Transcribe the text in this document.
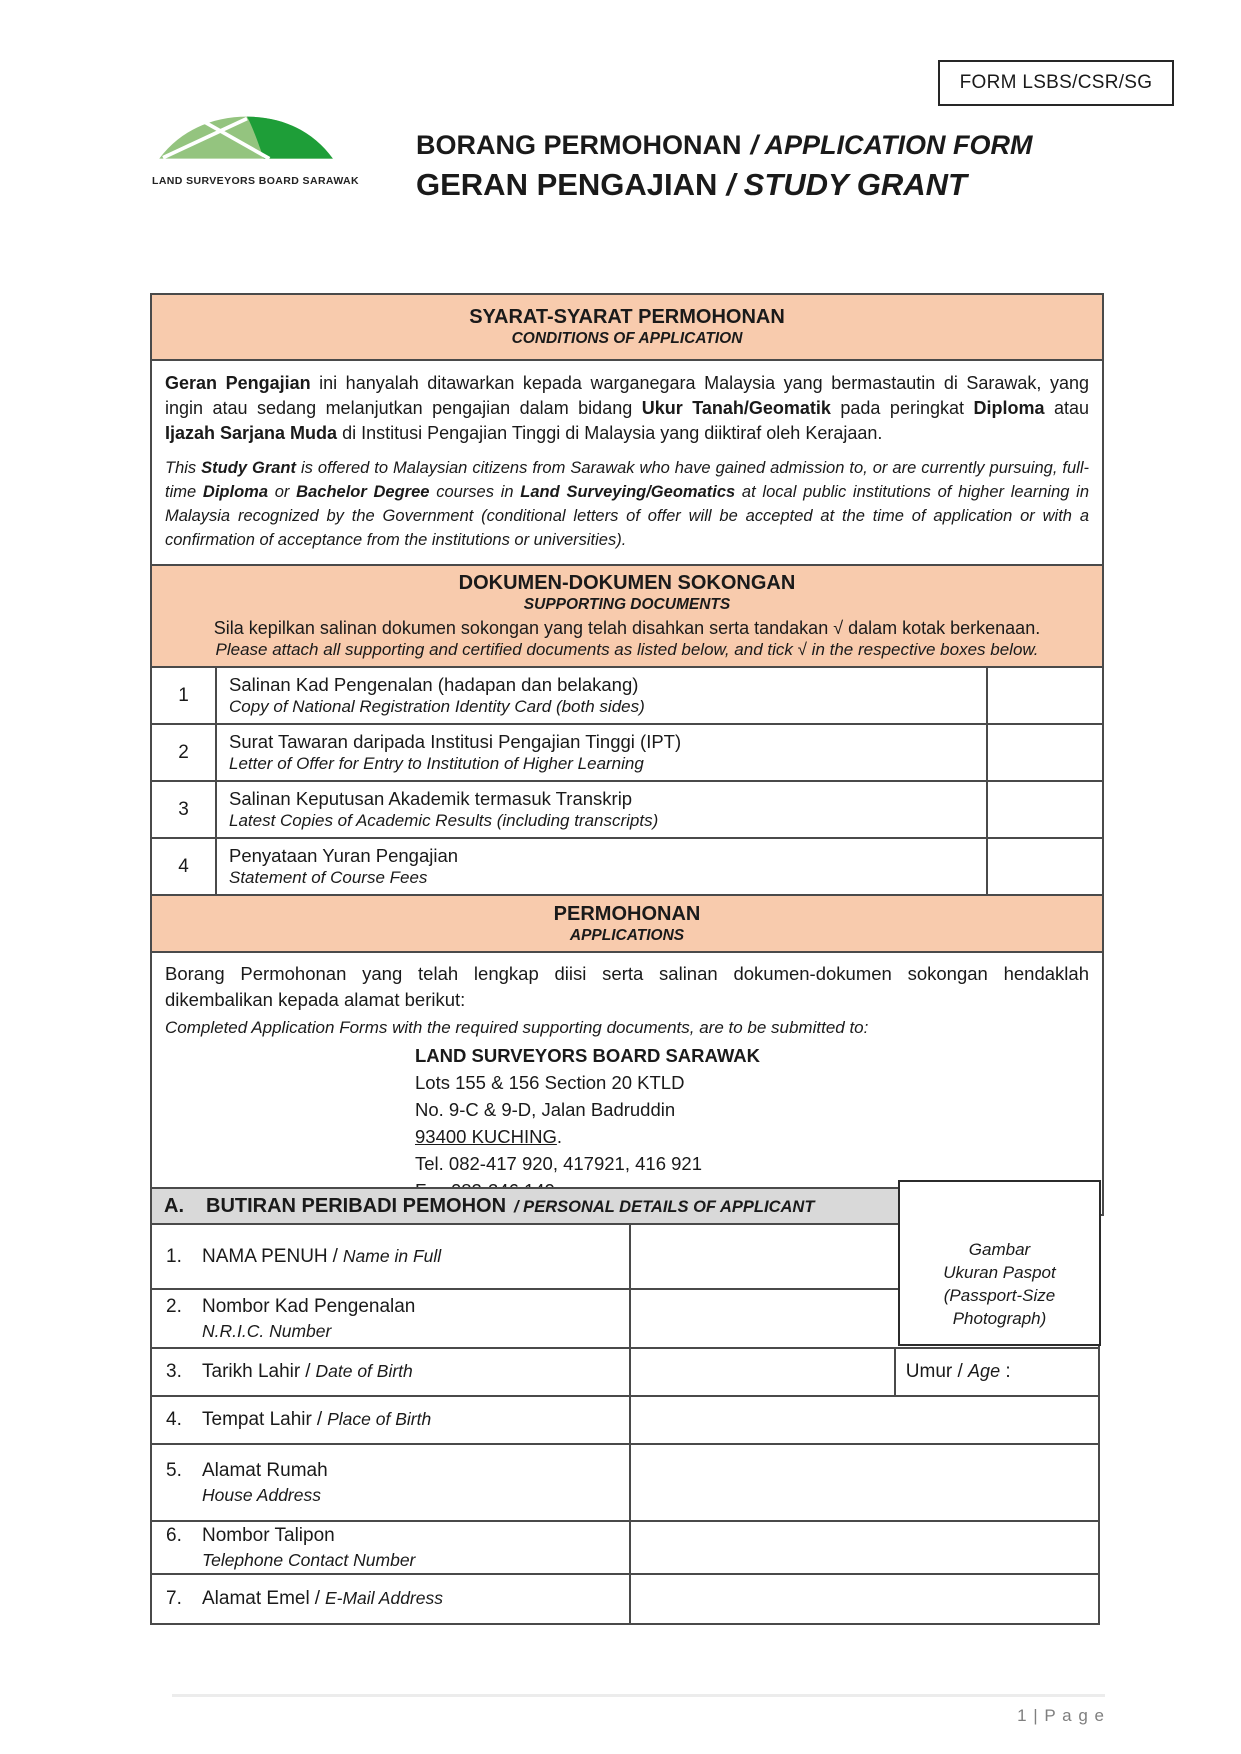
FORM LSBS/CSR/SG
LAND SURVEYORS BOARD SARAWAK
BORANG PERMOHONAN / APPLICATION FORM
GERAN PENGAJIAN / STUDY GRANT
SYARAT-SYARAT PERMOHONAN
CONDITIONS OF APPLICATION		

Geran Pengajian ini hanyalah ditawarkan kepada warganegara Malaysia yang bermastautin di Sarawak, yang ingin atau sedang melanjutkan pengajian dalam bidang Ukur Tanah/Geomatik pada peringkat Diploma atau Ijazah Sarjana Muda di Institusi Pengajian Tinggi di Malaysia yang diiktiraf oleh Kerajaan.

This Study Grant is offered to Malaysian citizens from Sarawak who have gained admission to, or are currently pursuing, full-time Diploma or Bachelor Degree courses in Land Surveying/Geomatics at local public institutions of higher learning in Malaysia recognized by the Government (conditional letters of offer will be accepted at the time of application or with a confirmation of acceptance from the institutions or universities).		

DOKUMEN-DOKUMEN SOKONGAN
SUPPORTING DOCUMENTS
Sila kepilkan salinan dokumen sokongan yang telah disahkan serta tandakan √ dalam kotak berkenaan.
Please attach all supporting and certified documents as listed below, and tick √ in the respective boxes below.		

1	Salinan Kad Pengenalan (hadapan dan belakang)
Copy of National Registration Identity Card (both sides)	

2	Surat Tawaran daripada Institusi Pengajian Tinggi (IPT)
Letter of Offer for Entry to Institution of Higher Learning	

3	Salinan Keputusan Akademik termasuk Transkrip
Latest Copies of Academic Results (including transcripts)	

4	Penyataan Yuran Pengajian
Statement of Course Fees	

PERMOHONAN
APPLICATIONS		

Borang Permohonan yang telah lengkap diisi serta salinan dokumen-dokumen sokongan hendaklah dikembalikan kepada alamat berikut:

Completed Application Forms with the required supporting documents, are to be submitted to:

LAND SURVEYORS BOARD SARAWAK
Lots 155 & 156 Section 20 KTLD
No. 9-C & 9-D, Jalan Badruddin
93400 KUCHING.
Tel. 082-417 920, 417921, 416 921
Fax 082-246 149.
Gambar
Ukuran Paspot
(Passport-Size
Photograph)
A. BUTIRAN PERIBADI PEMOHON / PERSONAL DETAILS OF APPLICANT		

1. NAMA PENUH / Name in Full		

2. Nombor Kad Pengenalan
N.R.I.C. Number		

3. Tarikh Lahir / Date of Birth		Umur / Age :

4. Tempat Lahir / Place of Birth		

5. Alamat Rumah
House Address		

6. Nombor Talipon
Telephone Contact Number		

7. Alamat Emel / E-Mail Address		

1 | P a g e
